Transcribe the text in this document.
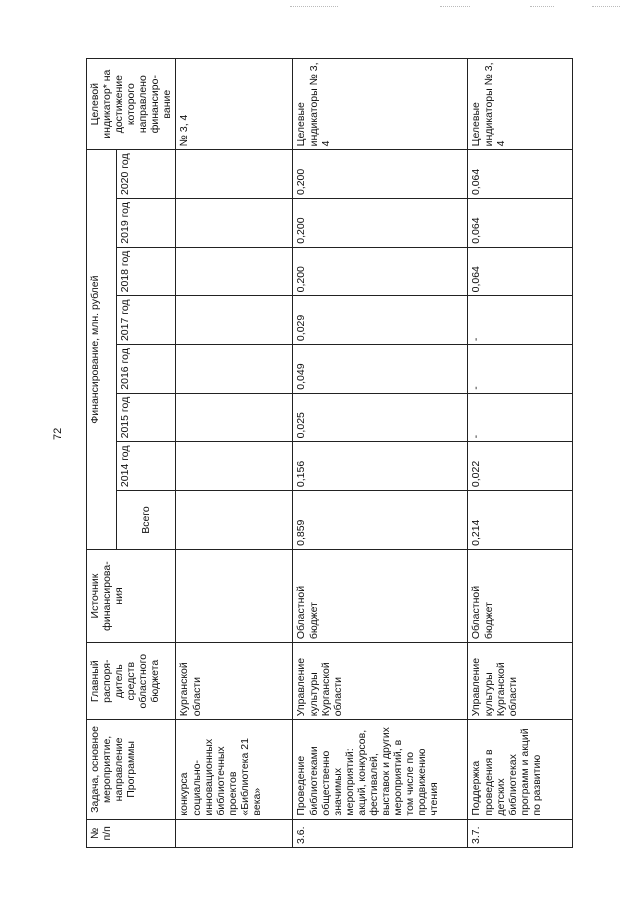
72
№ п/п	Задача, основное мероприятие, направление Программы	Главный распоря-дитель средств областного бюджета	Источник финансирова-ния	Финансирование, млн. рублей								Целевой индикатор* на достижение которого направлено финансиро-вание
				Всего	2014 год	2015 год	2016 год	2017 год	2018 год	2019 год	2020 год	
	конкурса социально-инновационных библиотечных проектов «Библиотека 21 века»	Курганской области										№ 3, 4
3.6.	Проведение библиотеками общественно значимых мероприятий: акций, конкурсов, фестивалей, выставок и других мероприятий, в том числе по продвижению чтения	Управление культуры Курганской области	Областной бюджет	0,859	0,156	0,025	0,049	0,029	0,200	0,200	0,200	Целевые индикаторы № 3, 4
3.7.	Поддержка проведения в детских библиотеках программ и акций по развитию	Управление культуры Курганской области	Областной бюджет	0,214	0,022	-	-	-	0,064	0,064	0,064	Целевые индикаторы № 3, 4
